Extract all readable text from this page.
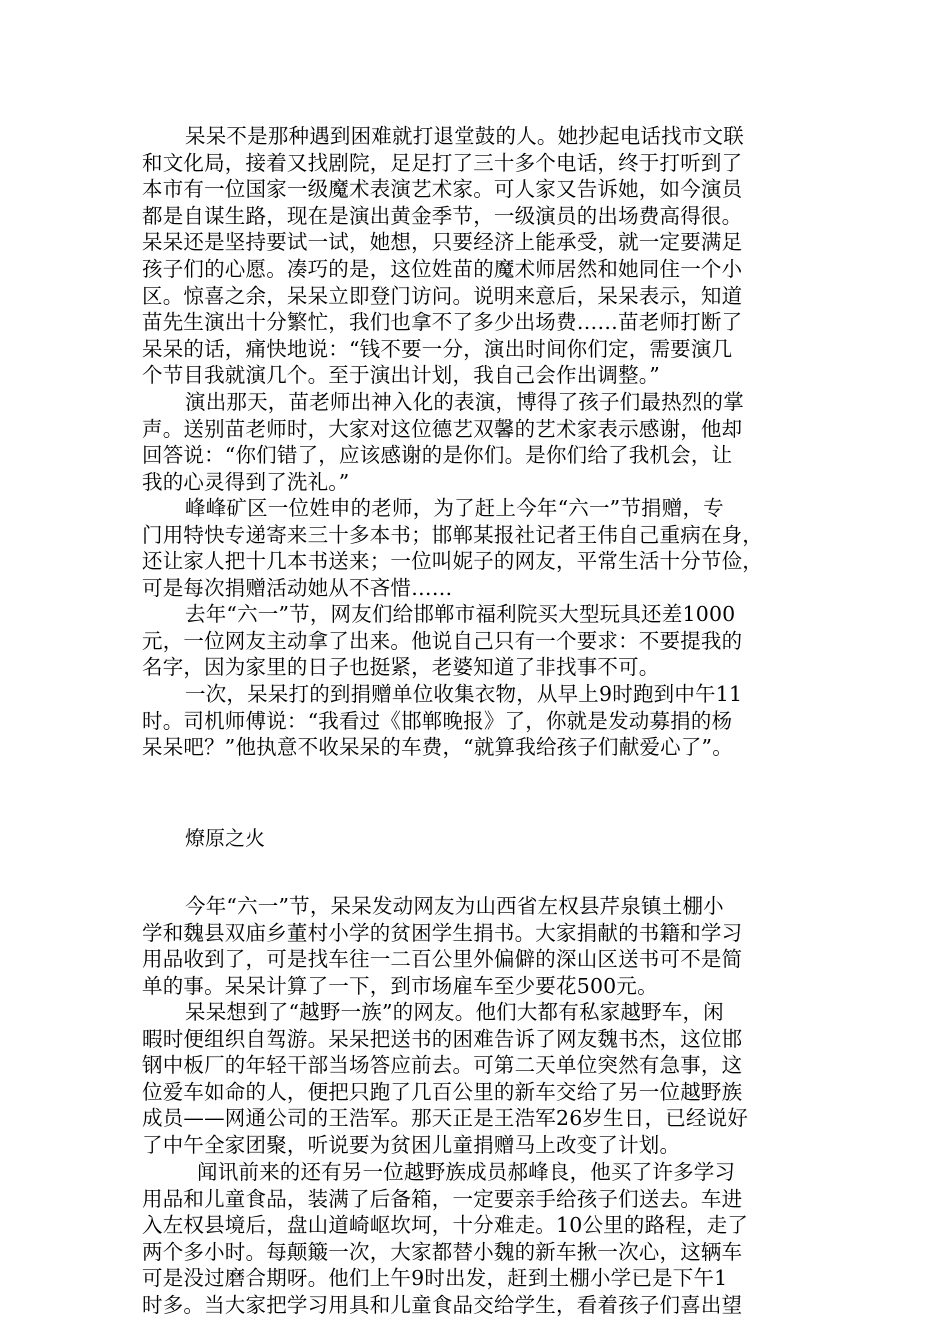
呆呆不是那种遇到困难就打退堂鼓的人。她抄起电话找市文联
和文化局，接着又找剧院，足足打了三十多个电话，终于打听到了
本市有一位国家一级魔术表演艺术家。可人家又告诉她，如今演员
都是自谋生路，现在是演出黄金季节，一级演员的出场费高得很。
呆呆还是坚持要试一试，她想，只要经济上能承受，就一定要满足
孩子们的心愿。凑巧的是，这位姓苗的魔术师居然和她同住一个小
区。惊喜之余，呆呆立即登门访问。说明来意后，呆呆表示，知道
苗先生演出十分繁忙，我们也拿不了多少出场费……苗老师打断了
呆呆的话，痛快地说：“钱不要一分，演出时间你们定，需要演几
个节目我就演几个。至于演出计划，我自己会作出调整。”
演出那天，苗老师出神入化的表演，博得了孩子们最热烈的掌
声。送别苗老师时，大家对这位德艺双馨的艺术家表示感谢，他却
回答说：“你们错了，应该感谢的是你们。是你们给了我机会，让
我的心灵得到了洗礼。”
峰峰矿区一位姓申的老师，为了赶上今年“六一”节捐赠，专
门用特快专递寄来三十多本书；邯郸某报社记者王伟自己重病在身，
还让家人把十几本书送来；一位叫妮子的网友，平常生活十分节俭，
可是每次捐赠活动她从不吝惜……
去年“六一”节，网友们给邯郸市福利院买大型玩具还差1000
元，一位网友主动拿了出来。他说自己只有一个要求：不要提我的
名字，因为家里的日子也挺紧，老婆知道了非找事不可。
一次，呆呆打的到捐赠单位收集衣物，从早上9时跑到中午11
时。司机师傅说：“我看过《邯郸晚报》了，你就是发动募捐的杨
呆呆吧？”他执意不收呆呆的车费，“就算我给孩子们献爱心了”。
燎原之火
今年“六一”节，呆呆发动网友为山西省左权县芹泉镇土棚小
学和魏县双庙乡董村小学的贫困学生捐书。大家捐献的书籍和学习
用品收到了，可是找车往一二百公里外偏僻的深山区送书可不是简
单的事。呆呆计算了一下，到市场雇车至少要花500元。
呆呆想到了“越野一族”的网友。他们大都有私家越野车，闲
暇时便组织自驾游。呆呆把送书的困难告诉了网友魏书杰，这位邯
钢中板厂的年轻干部当场答应前去。可第二天单位突然有急事，这
位爱车如命的人，便把只跑了几百公里的新车交给了另一位越野族
成员——网通公司的王浩军。那天正是王浩军26岁生日，已经说好
了中午全家团聚，听说要为贫困儿童捐赠马上改变了计划。
闻讯前来的还有另一位越野族成员郝峰良，他买了许多学习
用品和儿童食品，装满了后备箱，一定要亲手给孩子们送去。车进
入左权县境后，盘山道崎岖坎坷，十分难走。10公里的路程，走了
两个多小时。每颠簸一次，大家都替小魏的新车揪一次心，这辆车
可是没过磨合期呀。他们上午9时出发，赶到土棚小学已是下午1
时多。当大家把学习用具和儿童食品交给学生，看着孩子们喜出望
